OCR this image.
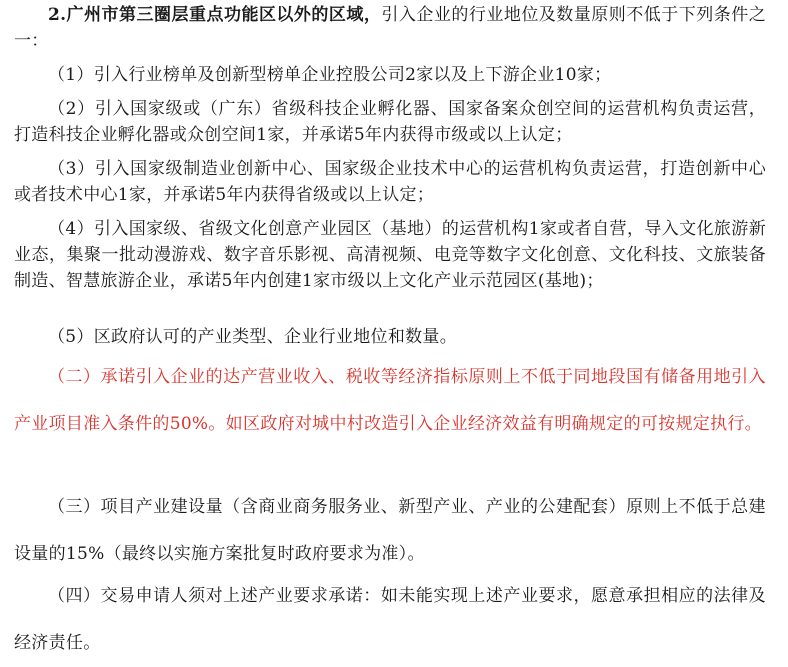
2.广州市第三圈层重点功能区以外的区域，引入企业的行业地位及数量原则不低于下列条件之一：

（1）引入行业榜单及创新型榜单企业控股公司2家以及上下游企业10家；

（2）引入国家级或（广东）省级科技企业孵化器、国家备案众创空间的运营机构负责运营，打造科技企业孵化器或众创空间1家，并承诺5年内获得市级或以上认定；

（3）引入国家级制造业创新中心、国家级企业技术中心的运营机构负责运营，打造创新中心或者技术中心1家，并承诺5年内获得省级或以上认定；

（4）引入国家级、省级文化创意产业园区（基地）的运营机构1家或者自营，导入文化旅游新业态，集聚一批动漫游戏、数字音乐影视、高清视频、电竞等数字文化创意、文化科技、文旅装备制造、智慧旅游企业，承诺5年内创建1家市级以上文化产业示范园区(基地)；

（5）区政府认可的产业类型、企业行业地位和数量。

（二）承诺引入企业的达产营业收入、税收等经济指标原则上不低于同地段国有储备用地引入产业项目准入条件的50%。如区政府对城中村改造引入企业经济效益有明确规定的可按规定执行。

（三）项目产业建设量（含商业商务服务业、新型产业、产业的公建配套）原则上不低于总建设量的15%（最终以实施方案批复时政府要求为准）。

（四）交易申请人须对上述产业要求承诺：如未能实现上述产业要求，愿意承担相应的法律及经济责任。
